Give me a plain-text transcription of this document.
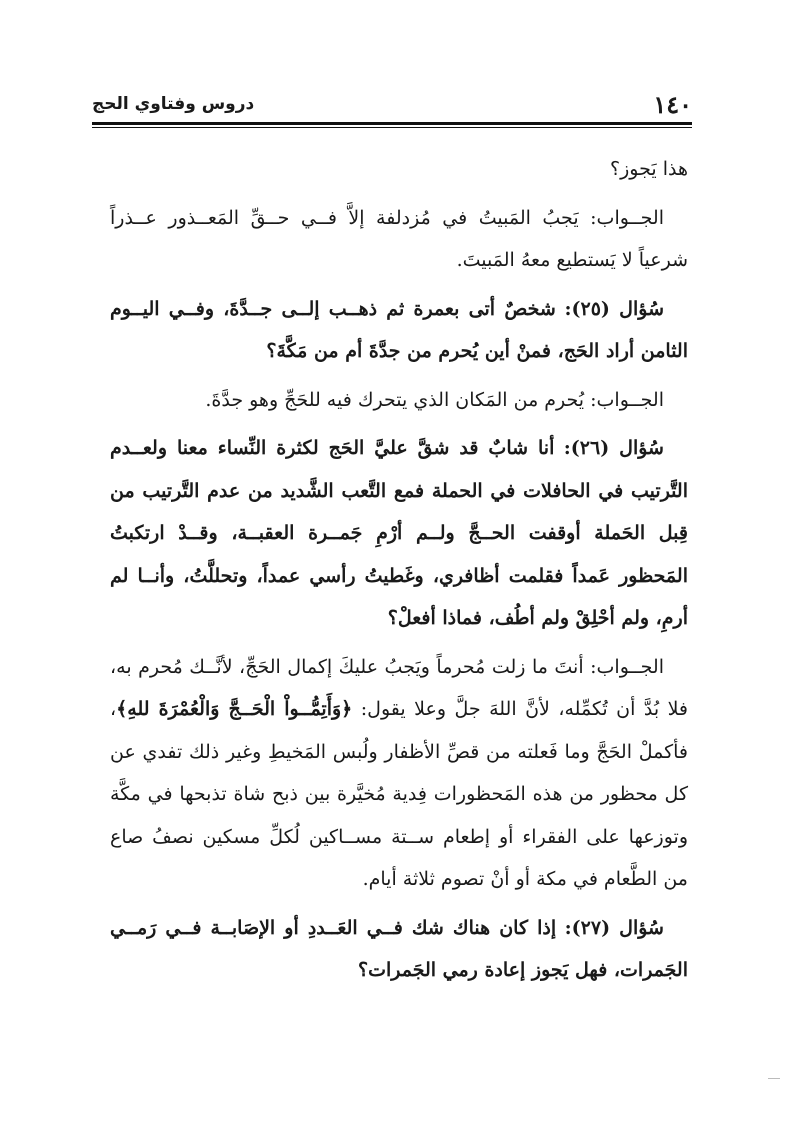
١٤٠
دروس وفتاوي الحج

هذا يَجوز؟

الجــواب: يَجبُ المَبيتُ في مُزدلفة إلاَّ فــي حــقِّ المَعــذور عــذراً شرعياً لا يَستطيع معهُ المَبيتَ.

سُؤال (٢٥): شخصٌ أتى بعمرة ثم ذهــب إلــى جــدَّةَ، وفــي اليــوم الثامن أراد الحَج، فمنْ أين يُحرم من جدَّةَ أم من مَكَّةَ؟

الجــواب: يُحرم من المَكان الذي يتحرك فيه للحَجِّ وهو جدَّةَ.

سُؤال (٢٦): أنا شابٌ قد شقَّ عليَّ الحَج لكثرة النِّساء معنا ولعــدم التَّرتيب في الحافلات في الحملة فمع التَّعب الشَّديد من عدم التَّرتيب من قِبل الحَملة أوقفت الحــجَّ ولــم أرْمِ جَمــرة العقبــة، وقــدْ ارتكبتُ المَحظور عَمداً فقلمت أظافري، وغَطيتُ رأسي عمداً، وتحللَّتُ، وأنــا لم أرمِ، ولم أحْلِقْ ولم أطُف، فماذا أفعلْ؟

الجــواب: أنتَ ما زلت مُحرماً ويَجبُ عليكَ إكمال الحَجِّ، لأنَّــك مُحرم به، فلا بُدَّ أن تُكمِّله، لأنَّ اللهَ جلَّ وعلا يقول: ﴿وَأَتِمُّــواْ الْحَــجَّ وَالْعُمْرَةَ للهِ﴾، فأكملْ الحَجَّ وما فَعلته من قصِّ الأظفار ولُبس المَخيطِ وغير ذلك تفدي عن كل محظور من هذه المَحظورات فِدية مُخيَّرة بين ذبح شاة تذبحها في مكَّة وتوزعها على الفقراء أو إطعام ســتة مســاكين لُكلِّ مسكين نصفُ صاع من الطَّعام في مكة أو أنْ تصوم ثلاثة أيام.

سُؤال (٢٧): إذا كان هناك شك فــي العَــددِ أو الإصَابــة فــي رَمــي الجَمرات، فهل يَجوز إعادة رمي الجَمرات؟
